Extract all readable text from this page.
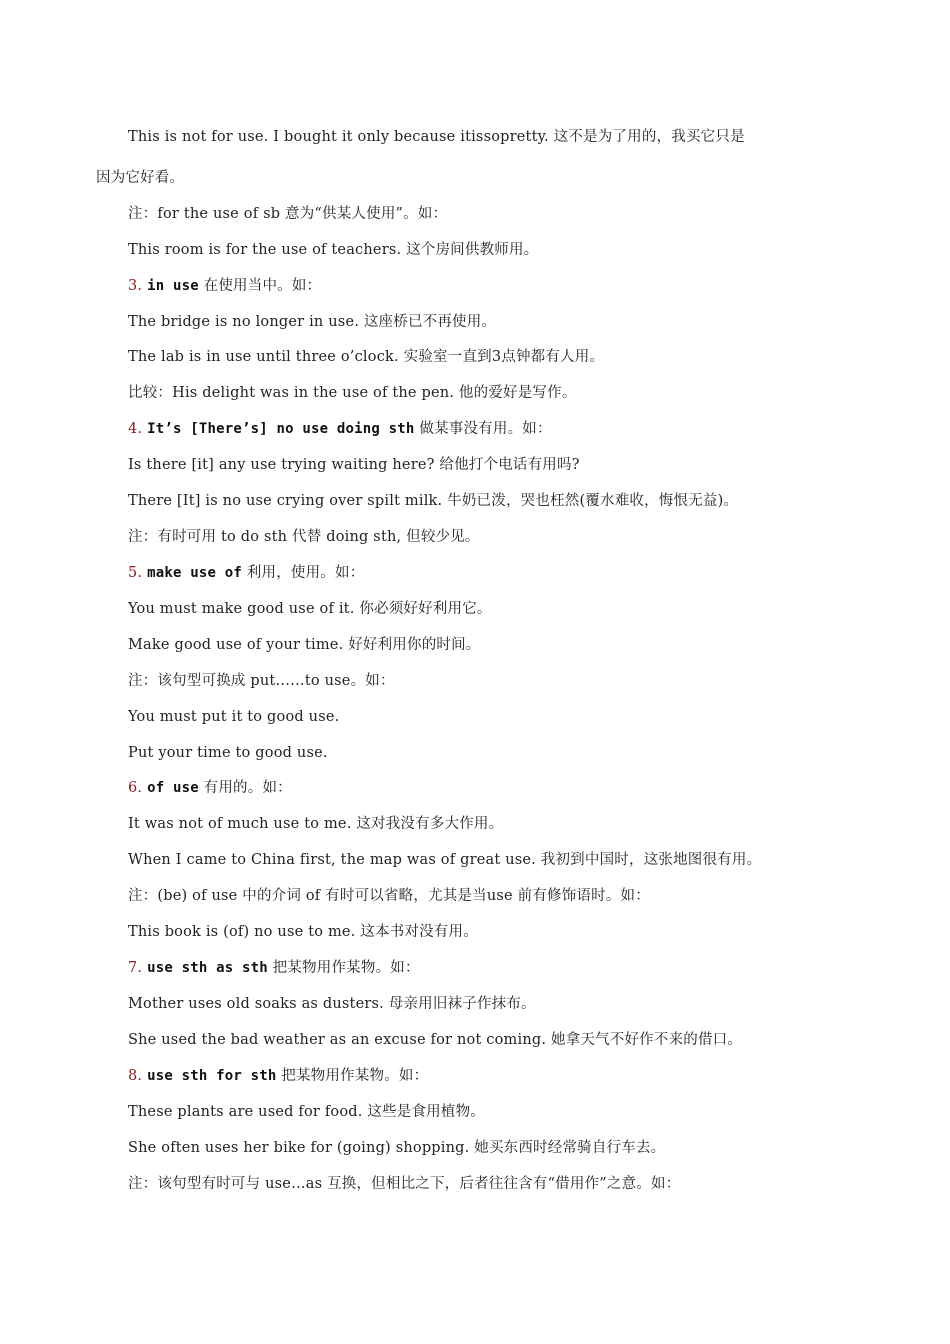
This is not for use. I bought it only because itissopretty. 这不是为了用的，我买它只是
因为它好看。
注：for the use of sb 意为“供某人使用”。如：
This room is for the use of teachers. 这个房间供教师用。
3. in use 在使用当中。如：
The bridge is no longer in use. 这座桥已不再使用。
The lab is in use until three o’clock. 实验室一直到3点钟都有人用。
比较：His delight was in the use of the pen. 他的爱好是写作。
4. It’s [There’s] no use doing sth 做某事没有用。如：
Is there [it] any use trying waiting here? 给他打个电话有用吗?
There [It] is no use crying over spilt milk. 牛奶已泼，哭也枉然(覆水难收，悔恨无益)。
注：有时可用 to do sth 代替 doing sth, 但较少见。
5. make use of 利用，使用。如：
You must make good use of it. 你必须好好利用它。
Make good use of your time. 好好利用你的时间。
注：该句型可换成 put……to use。如：
You must put it to good use.
Put your time to good use.
6. of use 有用的。如：
It was not of much use to me. 这对我没有多大作用。
When I came to China first, the map was of great use. 我初到中国时，这张地图很有用。
注：(be) of use 中的介词 of 有时可以省略，尤其是当use 前有修饰语时。如：
This book is (of) no use to me. 这本书对没有用。
7. use sth as sth 把某物用作某物。如：
Mother uses old soaks as dusters. 母亲用旧袜子作抹布。
She used the bad weather as an excuse for not coming. 她拿天气不好作不来的借口。
8. use sth for sth 把某物用作某物。如：
These plants are used for food. 这些是食用植物。
She often uses her bike for (going) shopping. 她买东西时经常骑自行车去。
注：该句型有时可与 use…as 互换，但相比之下，后者往往含有“借用作”之意。如：
